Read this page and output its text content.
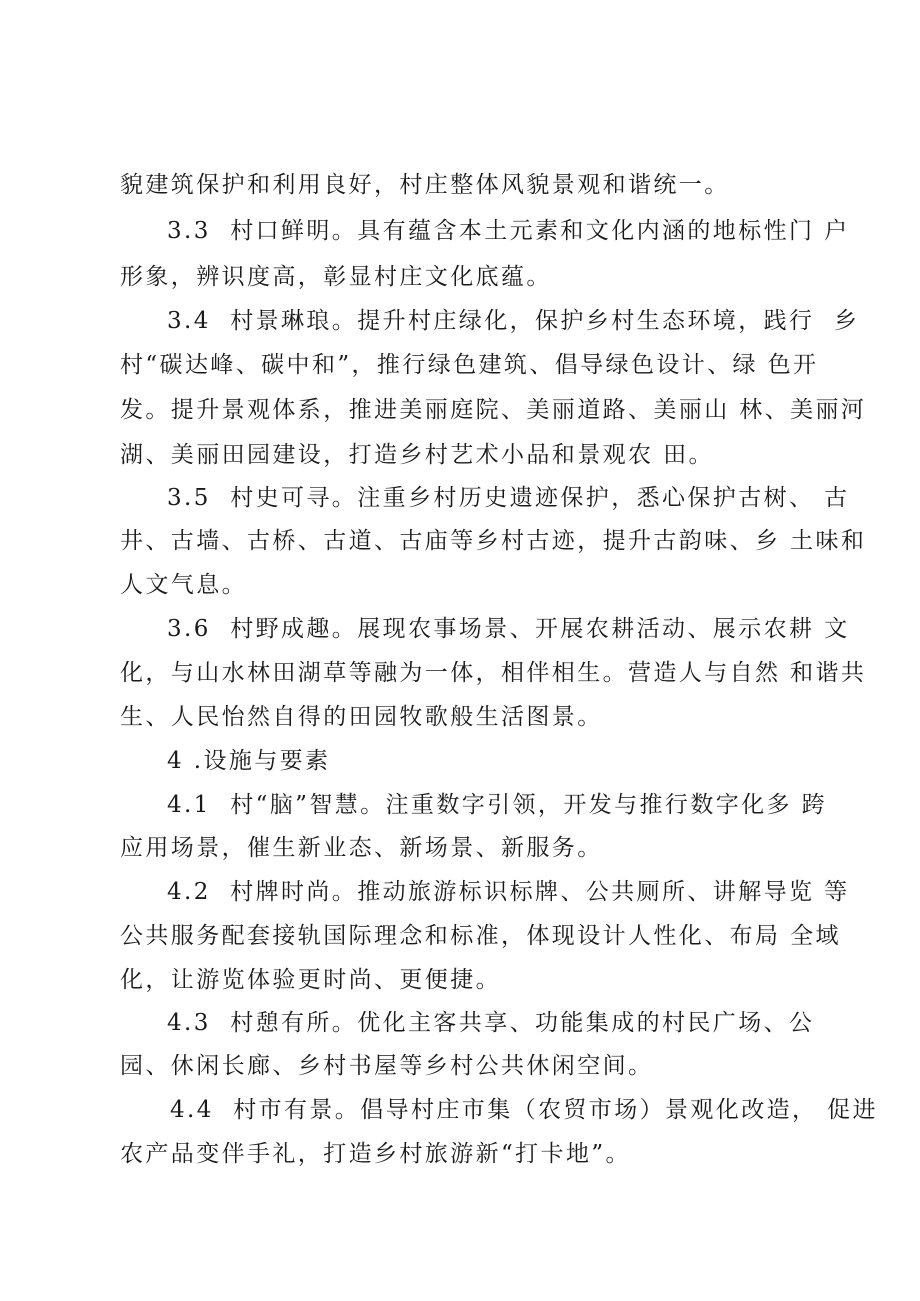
貌建筑保护和利用良好，村庄整体风貌景观和谐统一。
3.3  村口鲜明。具有蕴含本土元素和文化内涵的地标性门 户
形象，辨识度高，彰显村庄文化底蕴。
3.4  村景琳琅。提升村庄绿化，保护乡村生态环境，践行  乡
村“碳达峰、碳中和”，推行绿色建筑、倡导绿色设计、绿 色开
发。提升景观体系，推进美丽庭院、美丽道路、美丽山 林、美丽河
湖、美丽田园建设，打造乡村艺术小品和景观农 田。
3.5  村史可寻。注重乡村历史遗迹保护，悉心保护古树、 古
井、古墙、古桥、古道、古庙等乡村古迹，提升古韵味、乡 土味和
人文气息。
3.6  村野成趣。展现农事场景、开展农耕活动、展示农耕 文
化，与山水林田湖草等融为一体，相伴相生。营造人与自然 和谐共
生、人民怡然自得的田园牧歌般生活图景。
4 .设施与要素
4.1  村“脑”智慧。注重数字引领，开发与推行数字化多 跨
应用场景，催生新业态、新场景、新服务。
4.2  村牌时尚。推动旅游标识标牌、公共厕所、讲解导览 等
公共服务配套接轨国际理念和标准，体现设计人性化、布局 全域
化，让游览体验更时尚、更便捷。
4.3  村憩有所。优化主客共享、功能集成的村民广场、公
园、休闲长廊、乡村书屋等乡村公共休闲空间。
4.4  村市有景。倡导村庄市集（农贸市场）景观化改造， 促进
农产品变伴手礼，打造乡村旅游新“打卡地”。
